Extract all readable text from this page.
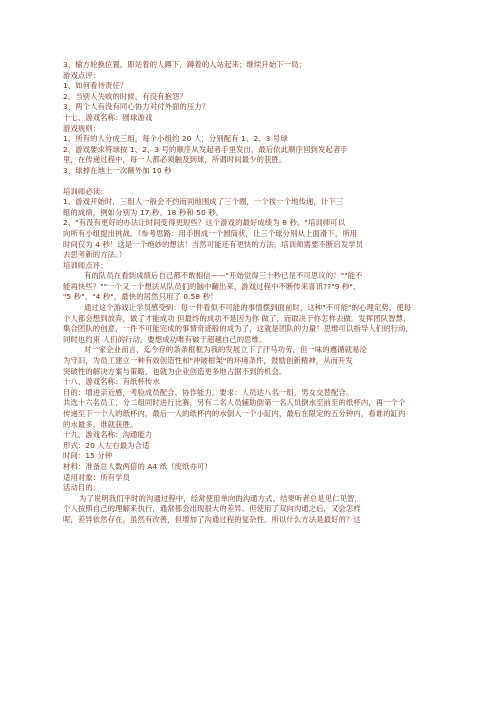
3、输方轮换位置，即站着的人蹲下，蹲着的人站起来；继续开始下一局；
游戏点评：
1、如何看待责任？
2、当别人失败的时候，有没有抱怨？
3、两个人有没有同心协力对付外面的压力？
十七、游戏名称：圆球游戏
游戏规则：
1、所有的人分成三组，每个小组约 20 人，分别配有 1、2、3 号球
2、游戏要求将球按 1、2、3 号的顺序从发起者手里发出，最后依此顺序回到发起者手
里，在传递过程中，每一人都必须触及到球，所谓时间最少的获胜。
3、球掉在地上一次额外加 10 秒
培训师必读：
1、游戏开始时，三组人一般会不约而同地围成了三个圈，一个挨一个地传递，计下三
组的成绩，例如分别为 17 秒、18 秒和 50 秒。
2、"有没有更好的办法让时间变得更短些？这个游戏的最好成绩为 8 秒。"培训师可以
向所有小组提出挑战。（参考思路：用手围成一个圆筒状，让三个球分别从上面滑下，所用
时间仅为 4 秒！这是一个绝妙的想法！当然可能还有更快的方法，培训师需要不断启发学员
去思考新的方法。）
培训师点评：
有的队员在看到成绩后自己都不敢相信——"开始觉得三十秒已是不可思议的！""能不
能再快些？""一个又一个想法从队员们的脑中蹦出来，游戏过程中不断传来喜讯??"9 秒"、
"5 秒"、"4 秒"，最快的居然只用了 0.58 秒！
通过这个游戏让学员感受到：每一件看似不可能的事情摆到面前时，这种"不可能"的心理定势，使每
个人都会想到放弃，做了才能成功 但最终的成功不是因为你 做了，而取决于你怎样去做。发挥团队智慧，
集合团队的创意，一件不可能完成的事情奇迹般的成为了，这就是团队的力量！思维可以指导人们的行动，
同时也约束 人们的行动，要想成功唯有破于超越自己的思维。
对一家企业而言，迄今存的条条框框为我的发展立下了汗马功劳，但一味的遵循就易沦
为守旧，为员工建立一种有效创造性和"冲破框架"的环境条件，鼓励创新精神，从而开发
突破性的解决方案与策略，也就为企业创造更多地占据不到的机会。
十八、游戏名称：有纸杯传水
目的：增进亲近感，考验成员配合、协作能力。要求：人员达八名一组，男女交替配合。
共选十六名员工，分二组同时进行比赛，另有二名人员辅助倒第一名人员倒水至前至的纸杯内，再一个个
传递至下一个人的纸杯内，最后一人的纸杯内的水倒入一个小缸内，最后在限定的五分钟内，看谁的缸内
的水最多，谁就获胜。
十九、游戏名称：沟通能力
形式：20 人左右最为合适
时间：15 分钟
材料：准备总人数两倍的 A4 纸（废纸亦可）
适用对象：所有学员
活动目的：
为了说明我们平时的沟通过程中，经常使用单向的沟通方式，结果听者总是见仁见智，
个人按照自己的理解来执行，通常都会出现很大的差异。但使用了双向沟通之后，又会怎样
呢，差异依然存在，虽然有改善，但增加了沟通过程的复杂性。所以什么方法是最好的？这
